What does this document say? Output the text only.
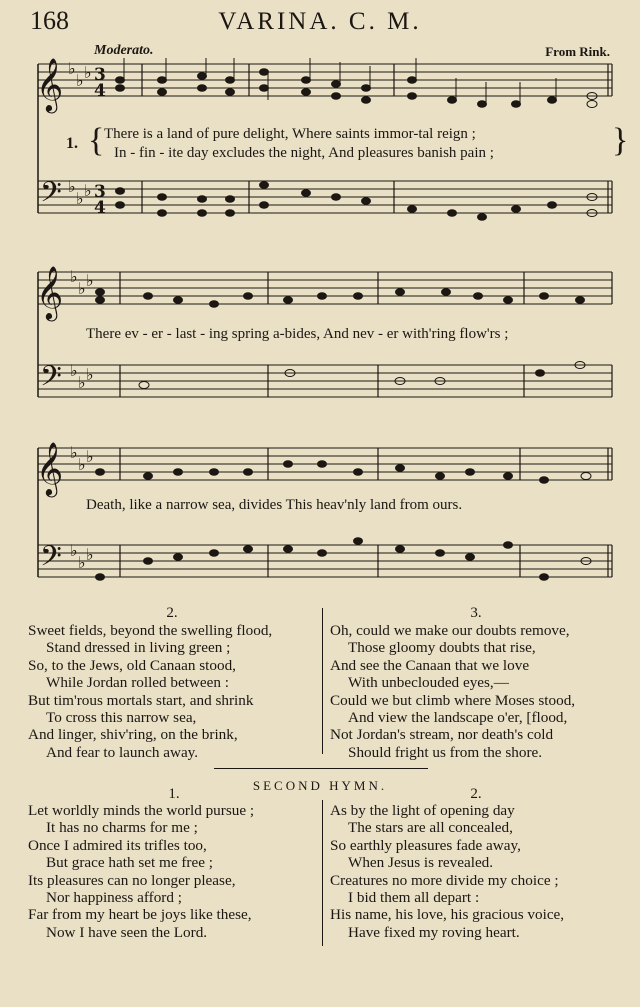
168	VARINA. C. M.
Moderato.	From Rink.
𝄞
𝄢
𝄞
𝄢
𝄞
𝄢
♭
♭ ♭
♭
♭ ♭
♭
♭ ♭
♭
♭ ♭
♭
♭ ♭
♭
♭ ♭
3
4
3
4
1. { There is a land of pure delight, Where saints immor-tal reign ;
In - fin - ite day excludes the night, And pleasures banish pain ;	}
There ev - er - last - ing spring a-bides, And nev - er with'ring flow'rs ;
Death, like a narrow sea, divides This heav'nly land from ours.
2.	3.
Sweet fields, beyond the swelling flood,
Stand dressed in living green ;
So, to the Jews, old Canaan stood,
While Jordan rolled between :
But tim'rous mortals start, and shrink
To cross this narrow sea,
And linger, shiv'ring, on the brink,
And fear to launch away.
Oh, could we make our doubts remove,
Those gloomy doubts that rise,
And see the Canaan that we love
With unbeclouded eyes,—
Could we but climb where Moses stood,
And view the landscape o'er, [flood,
Not Jordan's stream, nor death's cold
Should fright us from the shore.
SECOND HYMN.
1.	2.
Let worldly minds the world pursue ;
It has no charms for me ;
Once I admired its trifles too,
But grace hath set me free ;
Its pleasures can no longer please,
Nor happiness afford ;
Far from my heart be joys like these,
Now I have seen the Lord.
As by the light of opening day
The stars are all concealed,
So earthly pleasures fade away,
When Jesus is revealed.
Creatures no more divide my choice ;
I bid them all depart :
His name, his love, his gracious voice,
Have fixed my roving heart.
